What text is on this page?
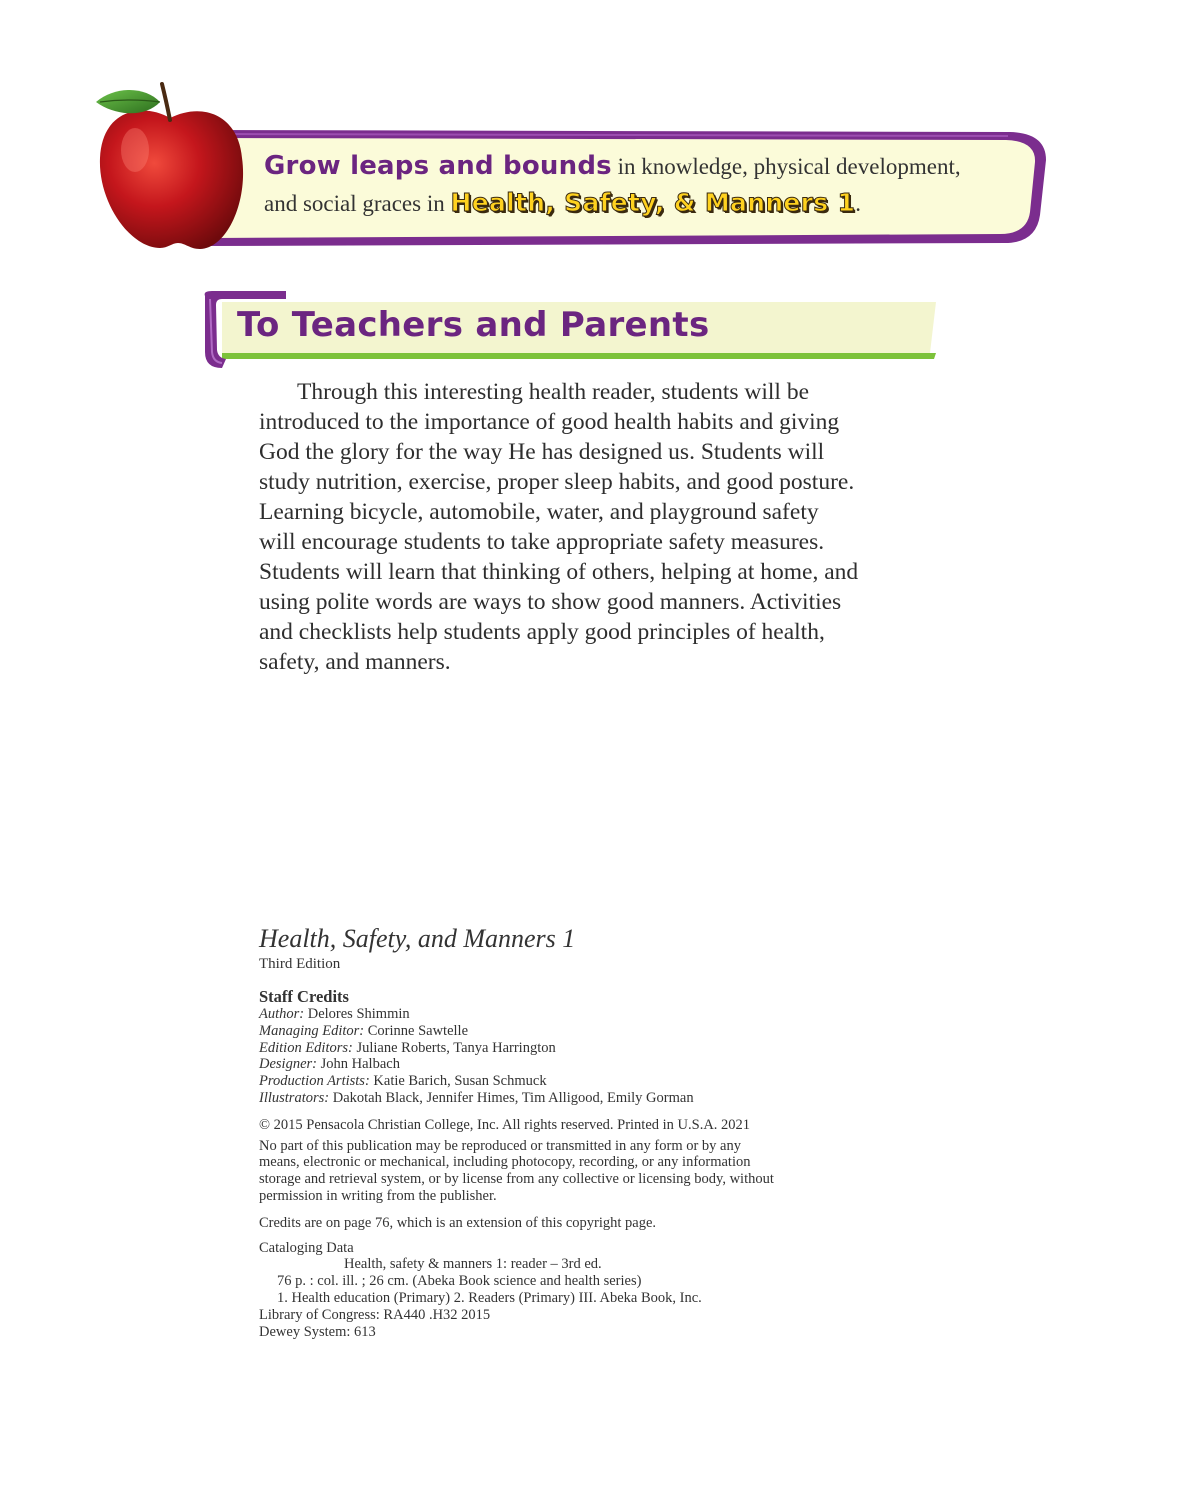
Grow leaps and bounds in knowledge, physical development,
and social graces in Health, Safety, & Manners 1.
To Teachers and Parents

Through this interesting health reader, students will be
introduced to the importance of good health habits and giving
God the glory for the way He has designed us. Students will
study nutrition, exercise, proper sleep habits, and good posture.
Learning bicycle, automobile, water, and playground safety
will encourage students to take appropriate safety measures.
Students will learn that thinking of others, helping at home, and
using polite words are ways to show good manners. Activities
and checklists help students apply good principles of health,
safety, and manners.

Health, Safety, and Manners 1

Third Edition

Staff Credits

Author: Delores Shimmin
Managing Editor: Corinne Sawtelle
Edition Editors: Juliane Roberts, Tanya Harrington
Designer: John Halbach
Production Artists: Katie Barich, Susan Schmuck
Illustrators: Dakotah Black, Jennifer Himes, Tim Alligood, Emily Gorman

© 2015 Pensacola Christian College, Inc. All rights reserved. Printed in U.S.A. 2021

No part of this publication may be reproduced or transmitted in any form or by any

means, electronic or mechanical, including photocopy, recording, or any information

storage and retrieval system, or by license from any collective or licensing body, without

permission in writing from the publisher.

Credits are on page 76, which is an extension of this copyright page.

Cataloging Data

Health, safety & manners 1: reader – 3rd ed.

76 p. : col. ill. ; 26 cm. (Abeka Book science and health series)

1. Health education (Primary) 2. Readers (Primary) III. Abeka Book, Inc.

Library of Congress: RA440 .H32 2015

Dewey System: 613
